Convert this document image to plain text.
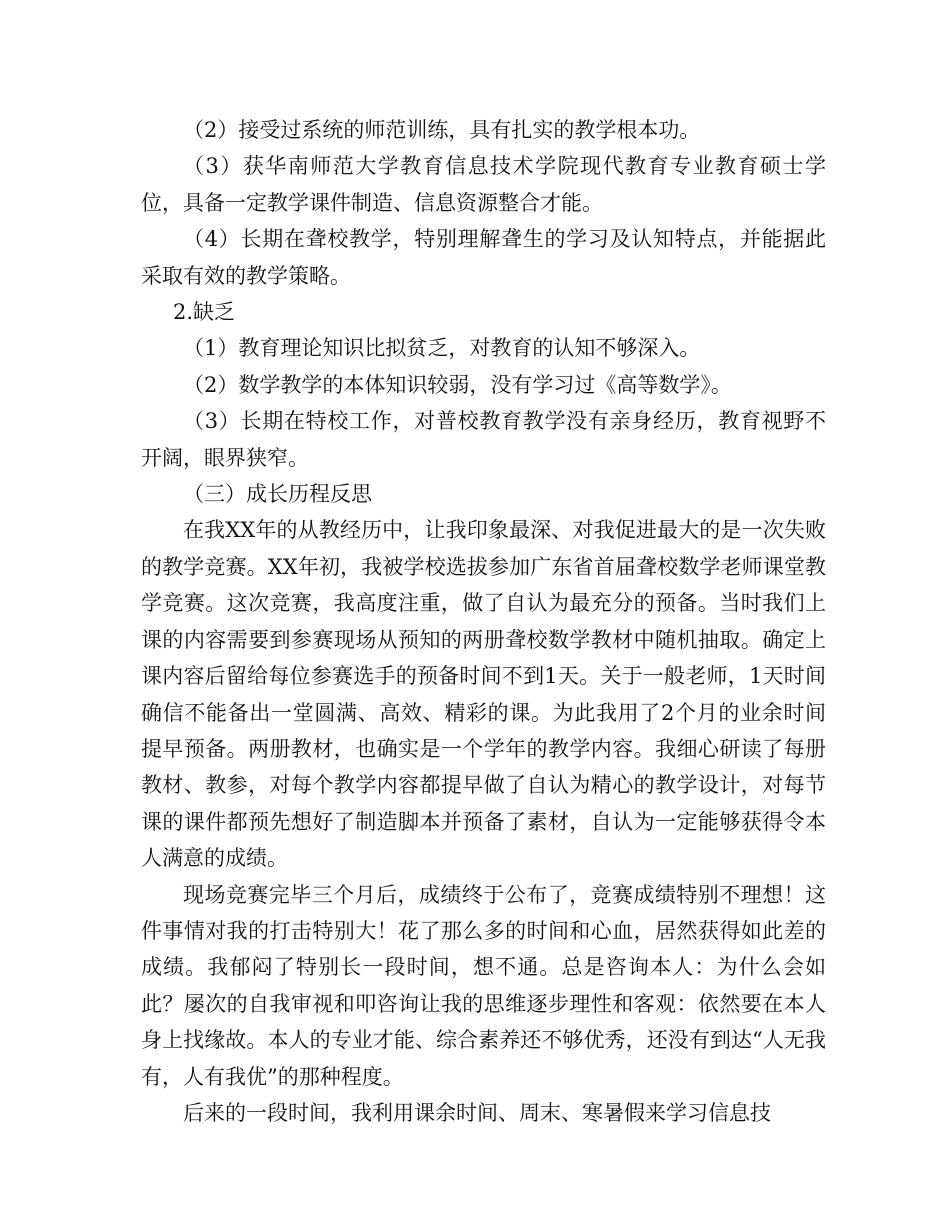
（2）接受过系统的师范训练，具有扎实的教学根本功。

（3）获华南师范大学教育信息技术学院现代教育专业教育硕士学位，具备一定教学课件制造、信息资源整合才能。

（4）长期在聋校教学，特别理解聋生的学习及认知特点，并能据此采取有效的教学策略。

2.缺乏

（1）教育理论知识比拟贫乏，对教育的认知不够深入。

（2）数学教学的本体知识较弱，没有学习过《高等数学》。

（3）长期在特校工作，对普校教育教学没有亲身经历，教育视野不开阔，眼界狭窄。

（三）成长历程反思

在我XX年的从教经历中，让我印象最深、对我促进最大的是一次失败的教学竞赛。XX年初，我被学校选拔参加广东省首届聋校数学老师课堂教学竞赛。这次竞赛，我高度注重，做了自认为最充分的预备。当时我们上课的内容需要到参赛现场从预知的两册聋校数学教材中随机抽取。确定上课内容后留给每位参赛选手的预备时间不到1天。关于一般老师，1天时间确信不能备出一堂圆满、高效、精彩的课。为此我用了2个月的业余时间提早预备。两册教材，也确实是一个学年的教学内容。我细心研读了每册教材、教参，对每个教学内容都提早做了自认为精心的教学设计，对每节课的课件都预先想好了制造脚本并预备了素材，自认为一定能够获得令本人满意的成绩。

现场竞赛完毕三个月后，成绩终于公布了，竞赛成绩特别不理想！这件事情对我的打击特别大！花了那么多的时间和心血，居然获得如此差的成绩。我郁闷了特别长一段时间，想不通。总是咨询本人：为什么会如此？屡次的自我审视和叩咨询让我的思维逐步理性和客观：依然要在本人身上找缘故。本人的专业才能、综合素养还不够优秀，还没有到达“人无我有，人有我优”的那种程度。

后来的一段时间，我利用课余时间、周末、寒暑假来学习信息技
